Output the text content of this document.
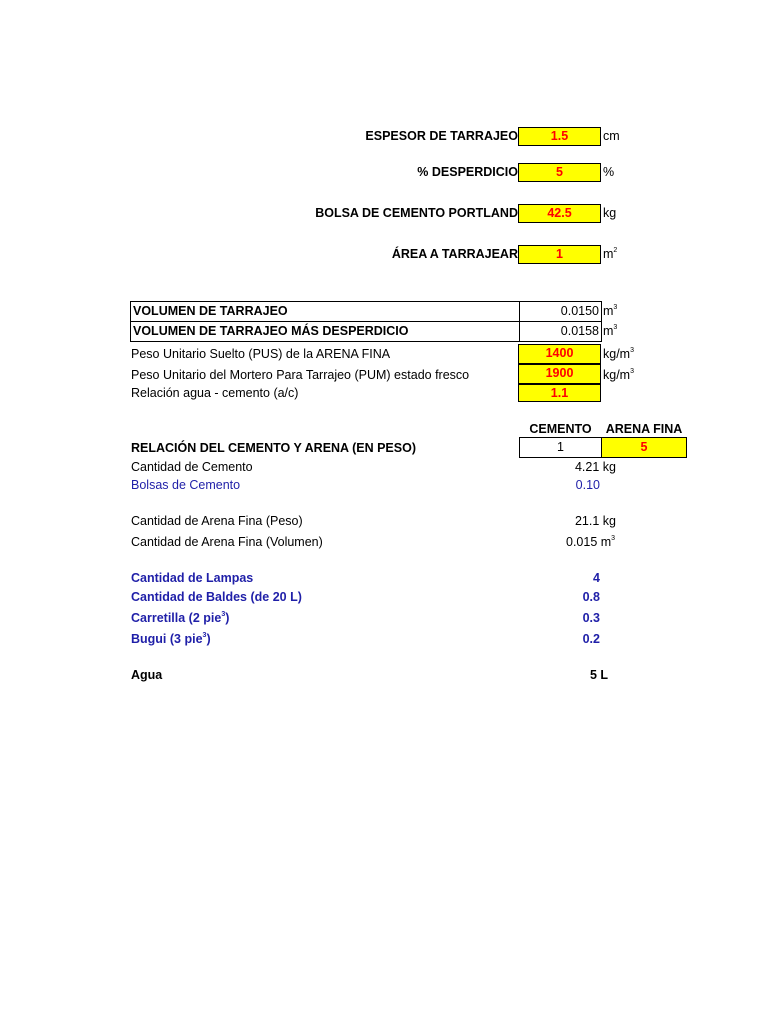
ESPESOR DE TARRAJEO	1.5	cm
% DESPERDICIO	5	%
BOLSA DE CEMENTO PORTLAND	42.5	kg
ÁREA A TARRAJEAR	1	$m^2$
VOLUMEN DE TARRAJEO	0.0150 $m^3$
VOLUMEN DE TARRAJEO MÁS DESPERDICIO	0.0158 $m^3$
Peso Unitario Suelto (PUS) de la ARENA FINA	1400	$kg/m^3$
Peso Unitario del Mortero Para Tarrajeo (PUM) estado fresco	1900	$kg/m^3$
Relación agua - cemento (a/c)	1.1
CEMENTO	ARENA FINA
RELACIÓN DEL CEMENTO Y ARENA (EN PESO)	1	5
Cantidad de Cemento	4.21 kg
Bolsas de Cemento	0.10
Cantidad de Arena Fina (Peso)	21.1 kg
Cantidad de Arena Fina (Volumen)	0.015 $m^3$
Cantidad de Lampas	4
Cantidad de Baldes (de 20 L)	0.8
Carretilla (2 pie$^3$)	0.3
Bugui (3 pie$^3$)	0.2
Agua	5 L
